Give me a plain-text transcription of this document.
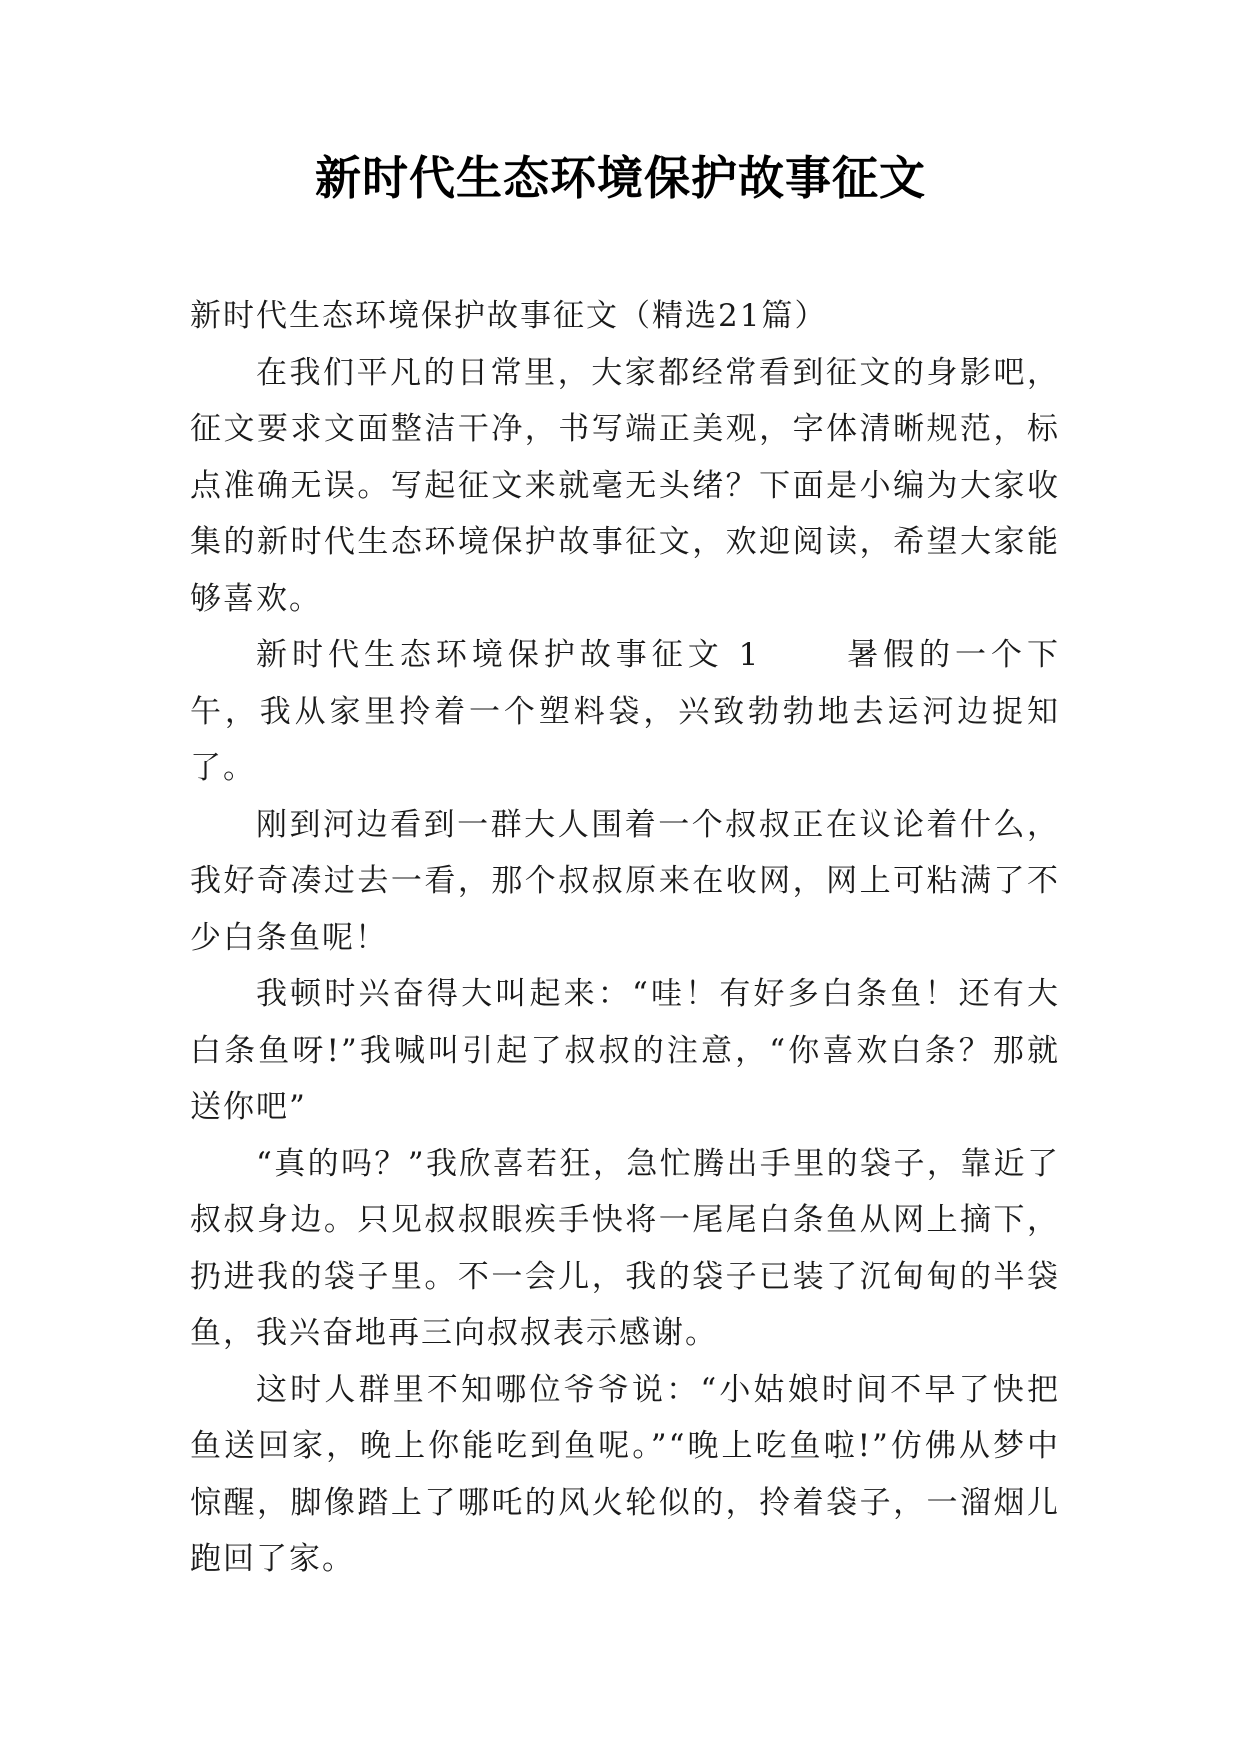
新时代生态环境保护故事征文

新时代生态环境保护故事征文（精选21篇）

在我们平凡的日常里，大家都经常看到征文的身影吧，征文要求文面整洁干净，书写端正美观，字体清晰规范，标点准确无误。写起征文来就毫无头绪？下面是小编为大家收集的新时代生态环境保护故事征文，欢迎阅读，希望大家能够喜欢。

新时代生态环境保护故事征文 1 　　暑假的一个下午，我从家里拎着一个塑料袋，兴致勃勃地去运河边捉知了。

刚到河边看到一群大人围着一个叔叔正在议论着什么，我好奇凑过去一看，那个叔叔原来在收网，网上可粘满了不少白条鱼呢！

我顿时兴奋得大叫起来：“哇！有好多白条鱼！还有大白条鱼呀!”我喊叫引起了叔叔的注意，“你喜欢白条？那就送你吧”

“真的吗？”我欣喜若狂，急忙腾出手里的袋子，靠近了叔叔身边。只见叔叔眼疾手快将一尾尾白条鱼从网上摘下，扔进我的袋子里。不一会儿，我的袋子已装了沉甸甸的半袋鱼，我兴奋地再三向叔叔表示感谢。

这时人群里不知哪位爷爷说：“小姑娘时间不早了快把鱼送回家，晚上你能吃到鱼呢。”“晚上吃鱼啦!”仿佛从梦中惊醒，脚像踏上了哪吒的风火轮似的，拎着袋子，一溜烟儿跑回了家。
